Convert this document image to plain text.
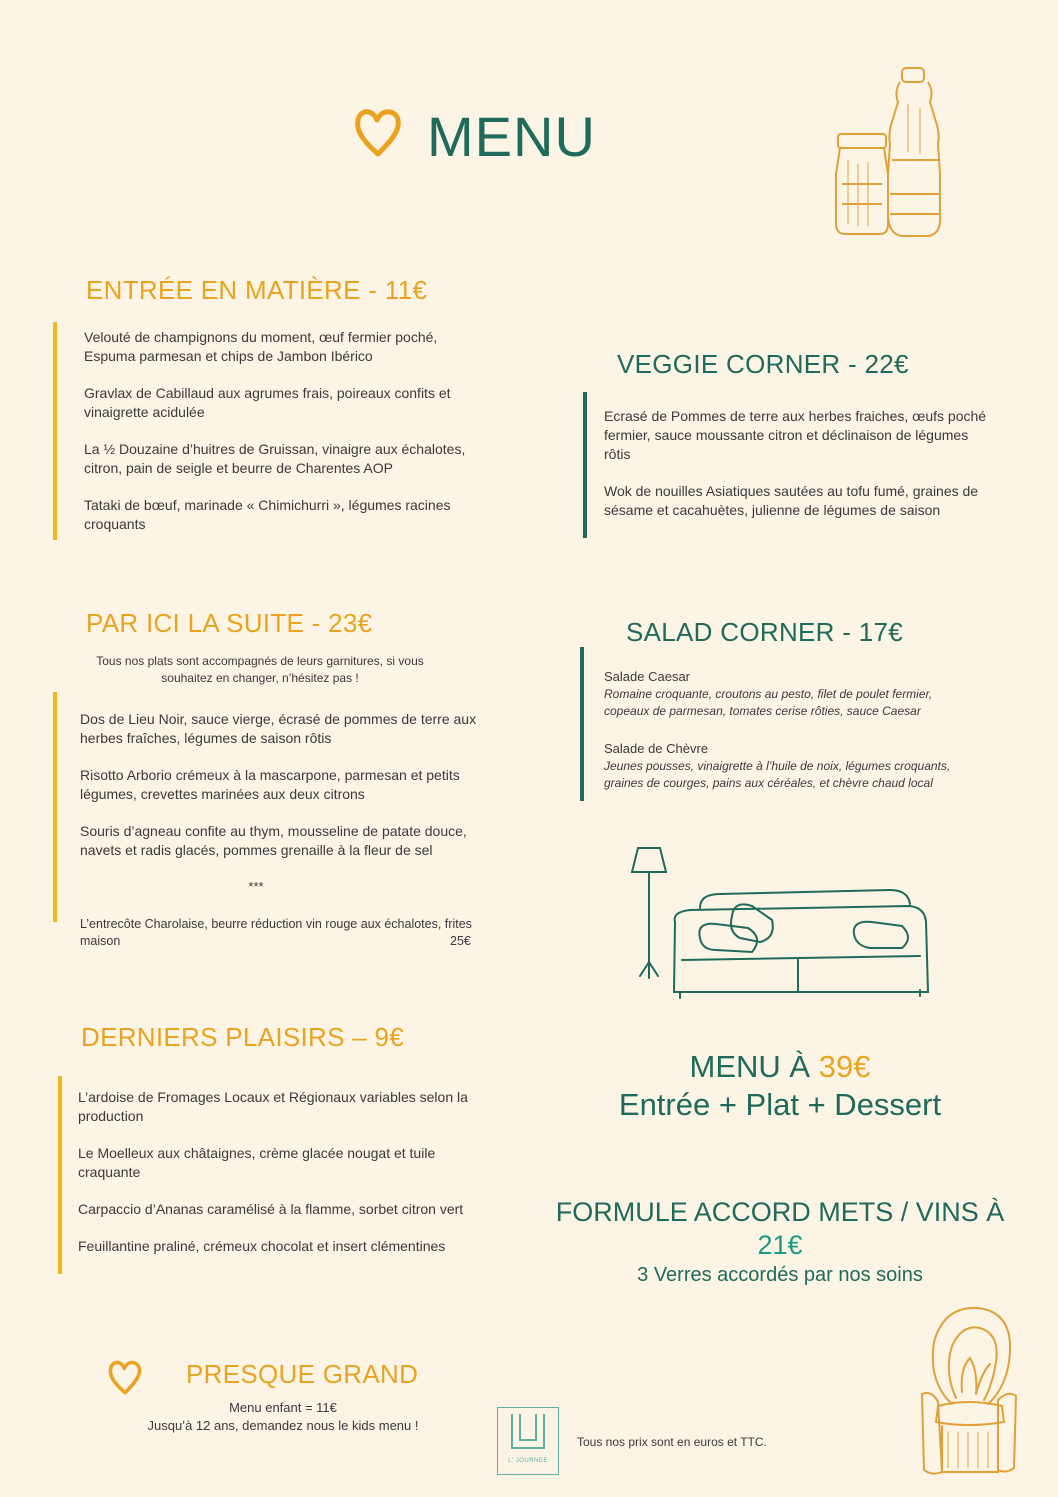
MENU
ENTRÉE EN MATIÈRE - 11€

Velouté de champignons du moment, œuf fermier poché,
Espuma parmesan et chips de Jambon Ibérico

Gravlax de Cabillaud aux agrumes frais, poireaux confits et
vinaigrette acidulée

La ½ Douzaine d’huitres de Gruissan, vinaigre aux échalotes,
citron, pain de seigle et beurre de Charentes AOP

Tataki de bœuf, marinade « Chimichurri », légumes racines
croquants

VEGGIE CORNER - 22€

Ecrasé de Pommes de terre aux herbes fraiches, œufs poché
fermier, sauce moussante citron et déclinaison de légumes
rôtis

Wok de nouilles Asiatiques sautées au tofu fumé, graines de
sésame et cacahuètes, julienne de légumes de saison

PAR ICI LA SUITE - 23€

Tous nos plats sont accompagnés de leurs garnitures, si vous
souhaitez en changer, n’hésitez pas !

Dos de Lieu Noir, sauce vierge, écrasé de pommes de terre aux
herbes fraîches, légumes de saison rôtis

Risotto Arborio crémeux à la mascarpone, parmesan et petits
légumes, crevettes marinées aux deux citrons

Souris d’agneau confite au thym, mousseline de patate douce,
navets et radis glacés, pommes grenaille à la fleur de sel

***

L’entrecôte Charolaise, beurre réduction vin rouge aux échalotes, frites

maison	25€

SALAD CORNER - 17€

Salade Caesar

Romaine croquante, croutons au pesto, filet de poulet fermier,
copeaux de parmesan, tomates cerise rôties, sauce Caesar

Salade de Chèvre

Jeunes pousses, vinaigrette à l’huile de noix, légumes croquants,
graines de courges, pains aux céréales, et chèvre chaud local

DERNIERS PLAISIRS – 9€

L’ardoise de Fromages Locaux et Régionaux variables selon la
production

Le Moelleux aux châtaignes, crème glacée nougat et tuile
craquante

Carpaccio d’Ananas caramélisé à la flamme, sorbet citron vert

Feuillantine praliné, crémeux chocolat et insert clémentines

MENU À 39€
Entrée + Plat + Dessert
FORMULE ACCORD METS / VINS À
21€
3 Verres accordés par nos soins
PRESQUE GRAND

Menu enfant = 11€

Jusqu’à 12 ans, demandez nous le kids menu !

L' JOURNEE

Tous nos prix sont en euros et TTC.
